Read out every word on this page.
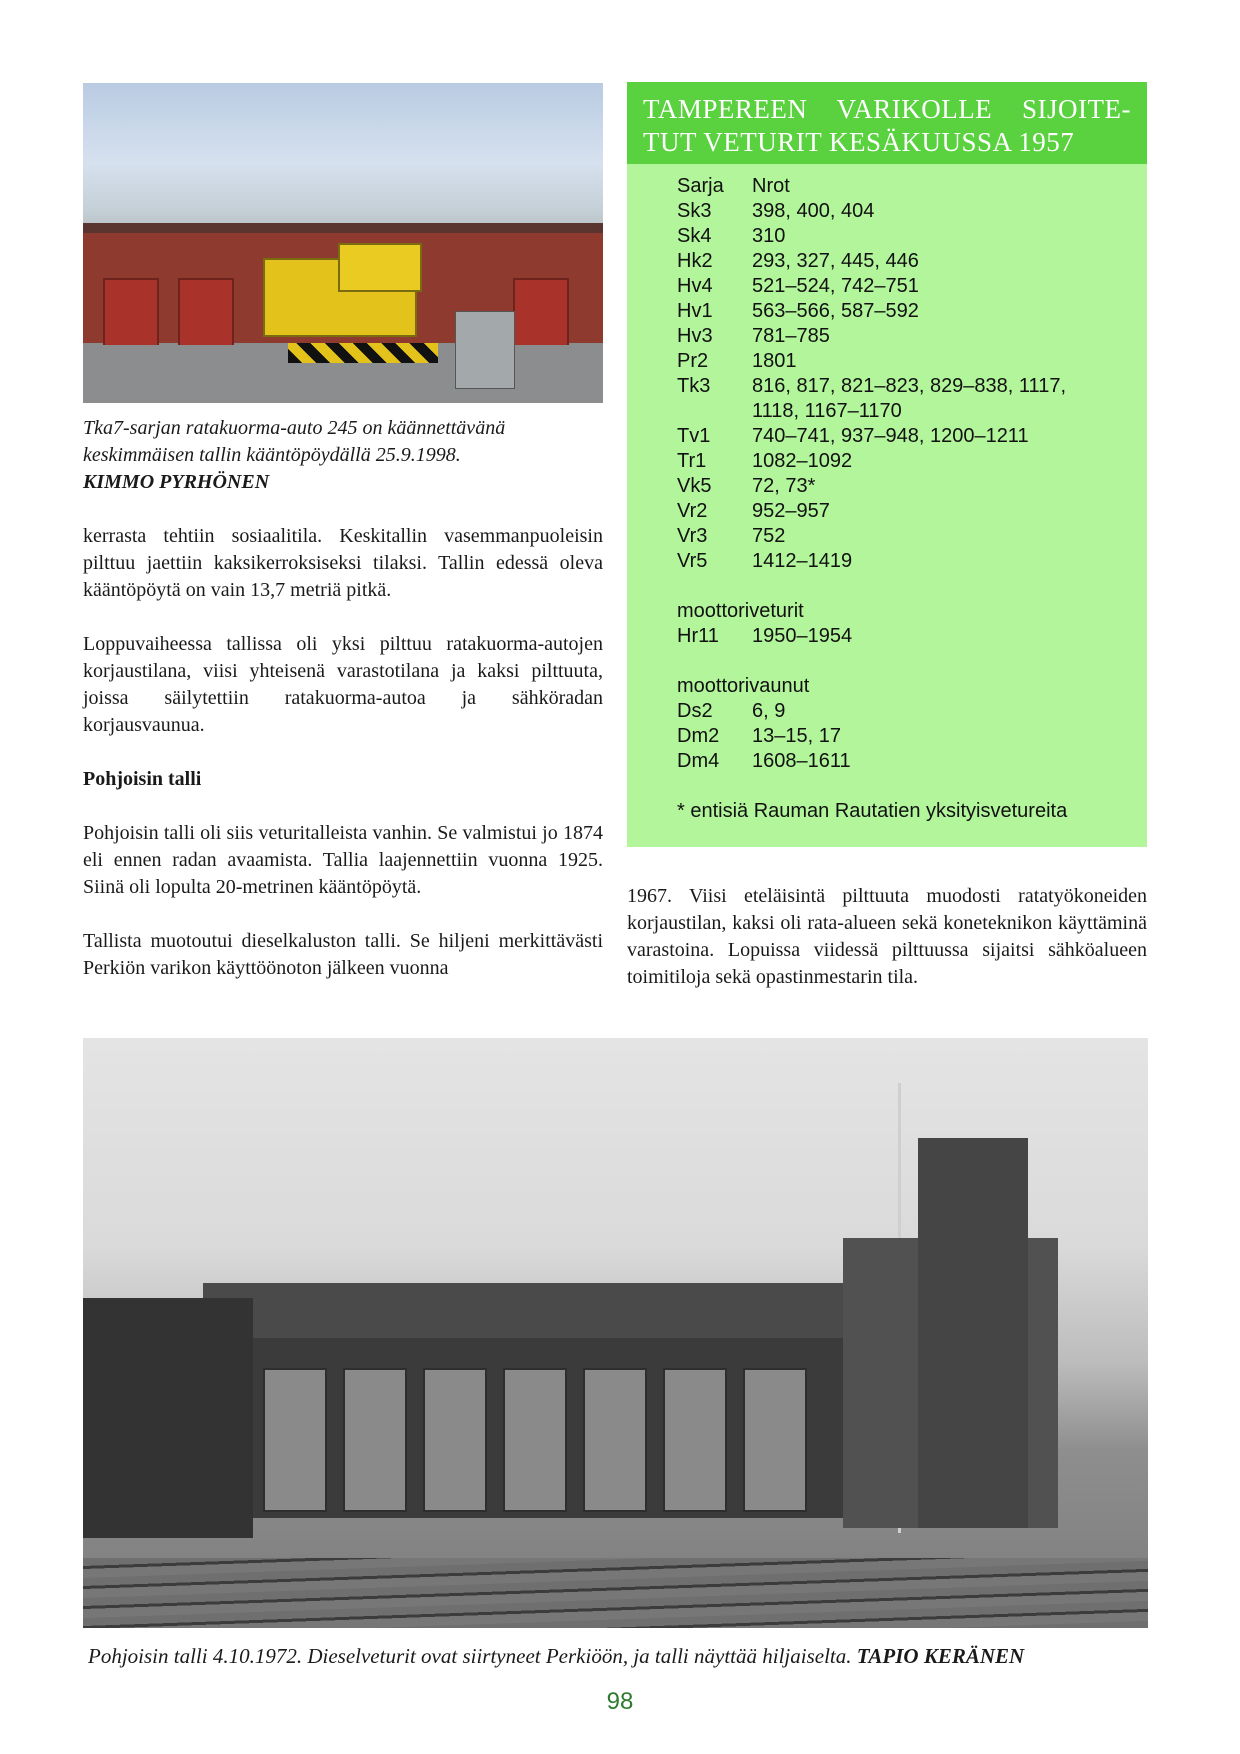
Tka7-sarjan ratakuorma-auto 245 on käännettävänä keskimmäisen tallin kääntöpöydällä 25.9.1998.
KIMMO PYRHÖNEN

kerrasta tehtiin sosiaalitila. Keskitallin vasemmanpuoleisin pilttuu jaettiin kaksikerroksiseksi tilaksi. Tallin edessä oleva kääntöpöytä on vain 13,7 metriä pitkä.

Loppuvaiheessa tallissa oli yksi pilttuu ratakuorma-autojen korjaustilana, viisi yhteisenä varastotilana ja kaksi pilttuuta, joissa säilytettiin ratakuorma-autoa ja sähköradan korjausvaunua.

Pohjoisin talli

Pohjoisin talli oli siis veturitalleista vanhin. Se valmistui jo 1874 eli ennen radan avaamista. Tallia laajennettiin vuonna 1925. Siinä oli lopulta 20-metrinen kääntöpöytä.

Tallista muotoutui dieselkaluston talli. Se hiljeni merkittävästi Perkiön varikon käyttöönoton jälkeen vuonna

TAMPEREEN VARIKOLLE SIJOITE-
TUT VETURIT KESÄKUUSSA 1957
Sarja	Nrot
Sk3	398, 400, 404
Sk4	310
Hk2	293, 327, 445, 446
Hv4	521–524, 742–751
Hv1	563–566, 587–592
Hv3	781–785
Pr2	1801
Tk3	816, 817, 821–823, 829–838, 1117,
1118, 1167–1170
Tv1	740–741, 937–948, 1200–1211
Tr1	1082–1092
Vk5	72, 73*
Vr2	952–957
Vr3	752
Vr5	1412–1419
moottoriveturit
Hr11	1950–1954
moottorivaunut
Ds2	6, 9
Dm2	13–15, 17
Dm4	1608–1611
* entisiä Rauman Rautatien yksityisvetureita

1967. Viisi eteläisintä pilttuuta muodosti ratatyökoneiden korjaustilan, kaksi oli rata-alueen sekä koneteknikon käyttäminä varastoina. Lopuissa viidessä pilttuussa sijaitsi sähköalueen toimitiloja sekä opastinmestarin tila.

Pohjoisin talli 4.10.1972. Dieselveturit ovat siirtyneet Perkiöön, ja talli näyttää hiljaiselta. TAPIO KERÄNEN
98
